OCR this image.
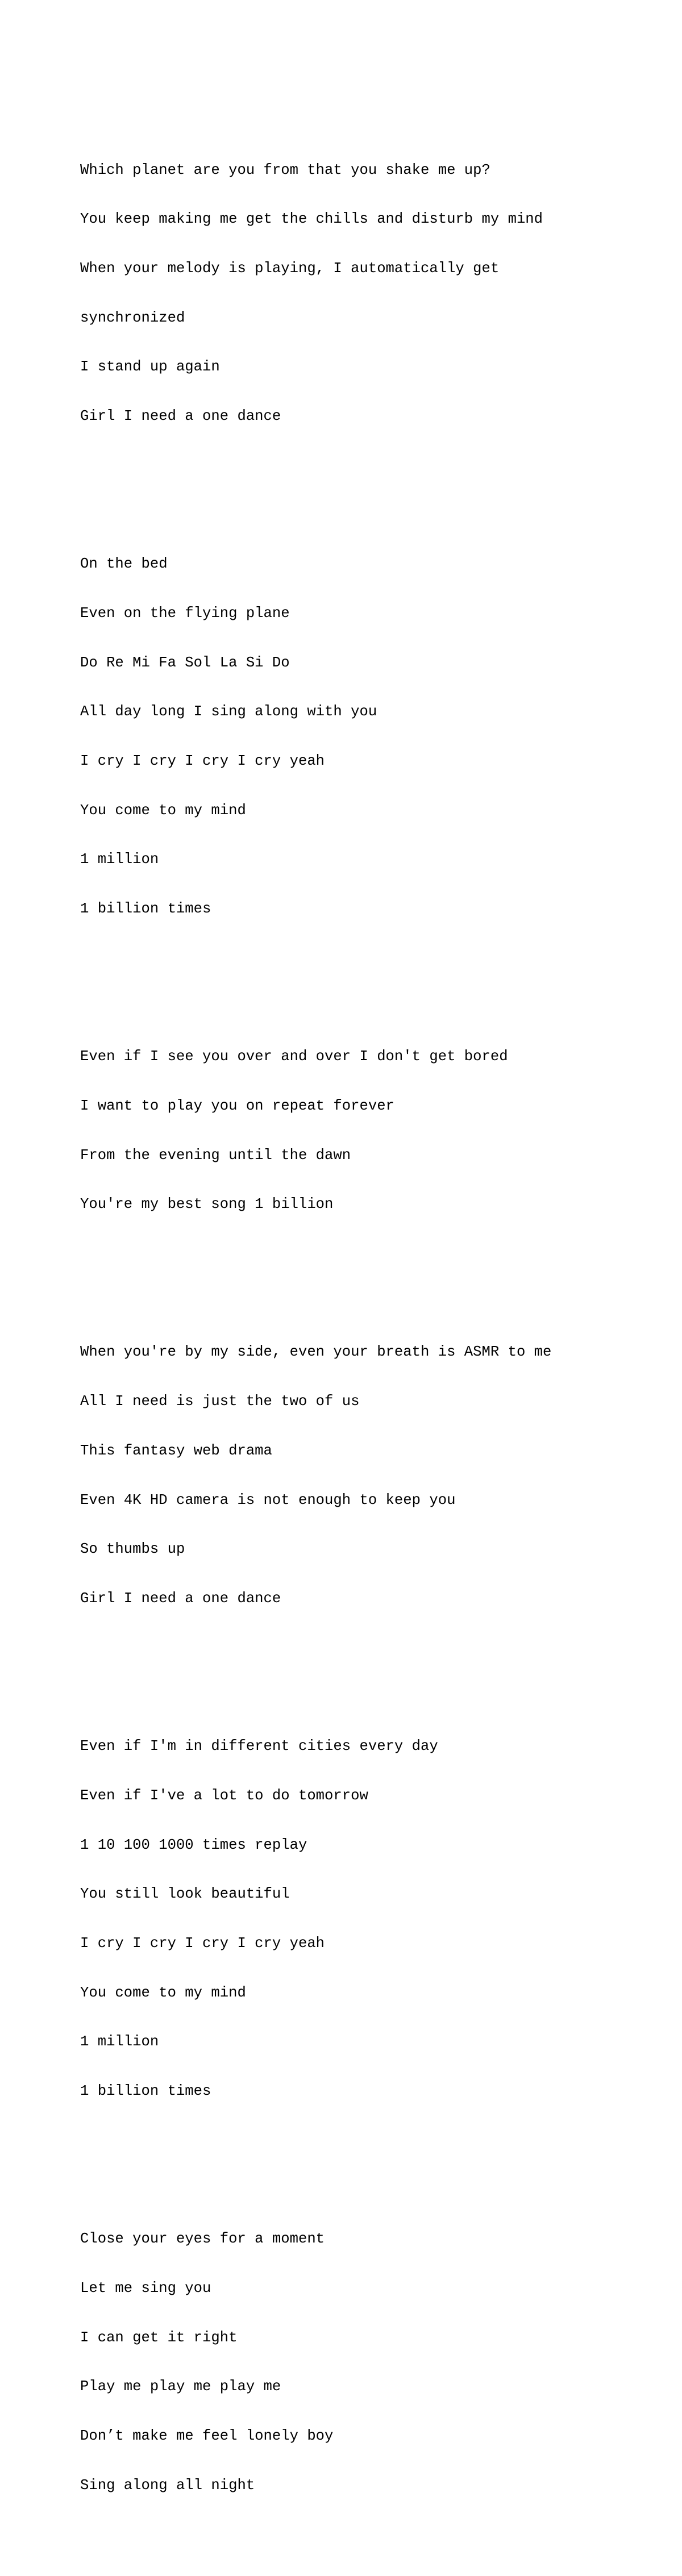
Which planet are you from that you shake me up?

You keep making me get the chills and disturb my mind

When your melody is playing, I automatically get

synchronized

I stand up again

Girl I need a one dance

On the bed

Even on the flying plane

Do Re Mi Fa Sol La Si Do

All day long I sing along with you

I cry I cry I cry I cry yeah

You come to my mind

1 million

1 billion times

Even if I see you over and over I don't get bored

I want to play you on repeat forever

From the evening until the dawn

You're my best song 1 billion

When you're by my side, even your breath is ASMR to me

All I need is just the two of us

This fantasy web drama

Even 4K HD camera is not enough to keep you

So thumbs up

Girl I need a one dance

Even if I'm in different cities every day

Even if I've a lot to do tomorrow

1 10 100 1000 times replay

You still look beautiful

I cry I cry I cry I cry yeah

You come to my mind

1 million

1 billion times

Close your eyes for a moment

Let me sing you

I can get it right

Play me play me play me

Don’t make me feel lonely boy

Sing along all night
